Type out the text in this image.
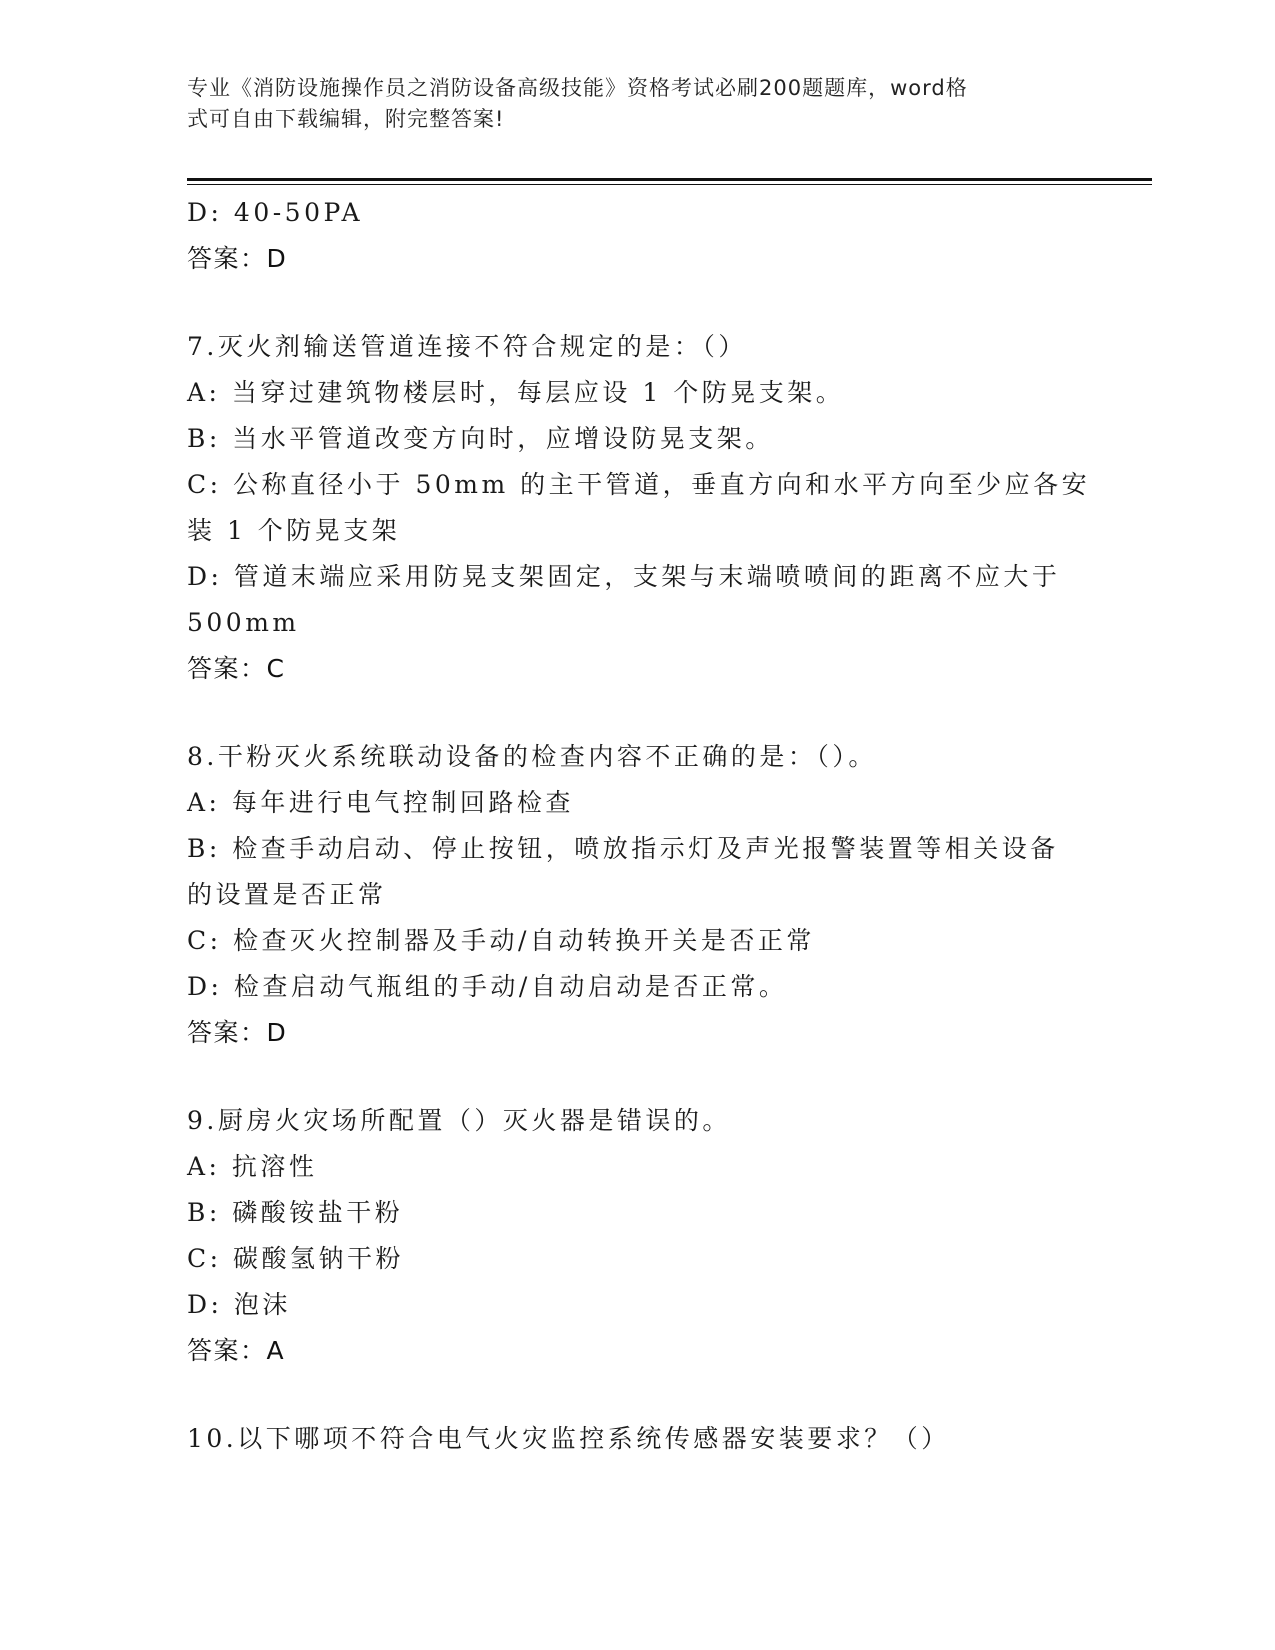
专业《消防设施操作员之消防设备高级技能》资格考试必刷200题题库，word格
式可自由下载编辑，附完整答案!
D: 40-50PA
答案：D
7.灭火剂输送管道连接不符合规定的是：（）
A: 当穿过建筑物楼层时，每层应设 1 个防晃支架。
B: 当水平管道改变方向时，应增设防晃支架。
C: 公称直径小于 50mm 的主干管道，垂直方向和水平方向至少应各安
装 1 个防晃支架
D: 管道末端应采用防晃支架固定，支架与末端喷喷间的距离不应大于
500mm
答案：C
8.干粉灭火系统联动设备的检查内容不正确的是：（）。
A: 每年进行电气控制回路检查
B: 检查手动启动、停止按钮，喷放指示灯及声光报警装置等相关设备
的设置是否正常
C: 检查灭火控制器及手动/自动转换开关是否正常
D: 检查启动气瓶组的手动/自动启动是否正常。
答案：D
9.厨房火灾场所配置（）灭火器是错误的。
A: 抗溶性
B: 磷酸铵盐干粉
C: 碳酸氢钠干粉
D: 泡沫
答案：A
10.以下哪项不符合电气火灾监控系统传感器安装要求？（）
